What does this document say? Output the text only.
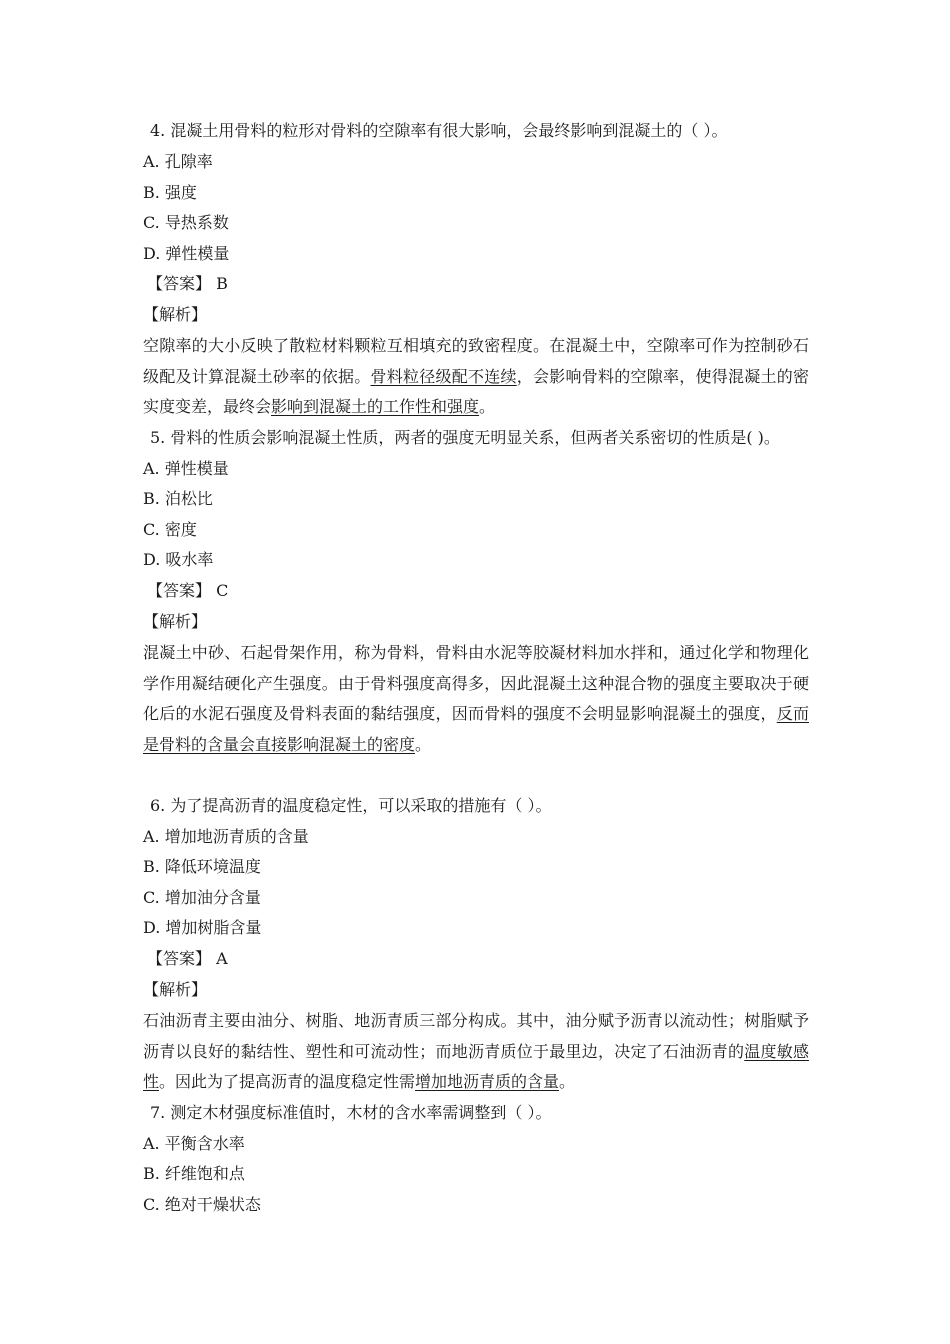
4. 混凝土用骨料的粒形对骨料的空隙率有很大影响，会最终影响到混凝土的（ ）。
A. 孔隙率
B. 强度
C. 导热系数
D. 弹性模量
【答案】 B
【解析】
空隙率的大小反映了散粒材料颗粒互相填充的致密程度。在混凝土中，空隙率可作为控制砂石级配及计算混凝土砂率的依据。骨料粒径级配不连续，会影响骨料的空隙率，使得混凝土的密实度变差，最终会影响到混凝土的工作性和强度。
5. 骨料的性质会影响混凝土性质，两者的强度无明显关系，但两者关系密切的性质是( )。
A. 弹性模量
B. 泊松比
C. 密度
D. 吸水率
【答案】 C
【解析】
混凝土中砂、石起骨架作用，称为骨料，骨料由水泥等胶凝材料加水拌和，通过化学和物理化学作用凝结硬化产生强度。由于骨料强度高得多，因此混凝土这种混合物的强度主要取决于硬化后的水泥石强度及骨料表面的黏结强度，因而骨料的强度不会明显影响混凝土的强度，反而是骨料的含量会直接影响混凝土的密度。
6. 为了提高沥青的温度稳定性，可以采取的措施有（ ）。
A. 增加地沥青质的含量
B. 降低环境温度
C. 增加油分含量
D. 增加树脂含量
【答案】 A
【解析】
石油沥青主要由油分、树脂、地沥青质三部分构成。其中，油分赋予沥青以流动性；树脂赋予沥青以良好的黏结性、塑性和可流动性；而地沥青质位于最里边，决定了石油沥青的温度敏感性。因此为了提高沥青的温度稳定性需增加地沥青质的含量。
7. 测定木材强度标准值时，木材的含水率需调整到（ ）。
A. 平衡含水率
B. 纤维饱和点
C. 绝对干燥状态
